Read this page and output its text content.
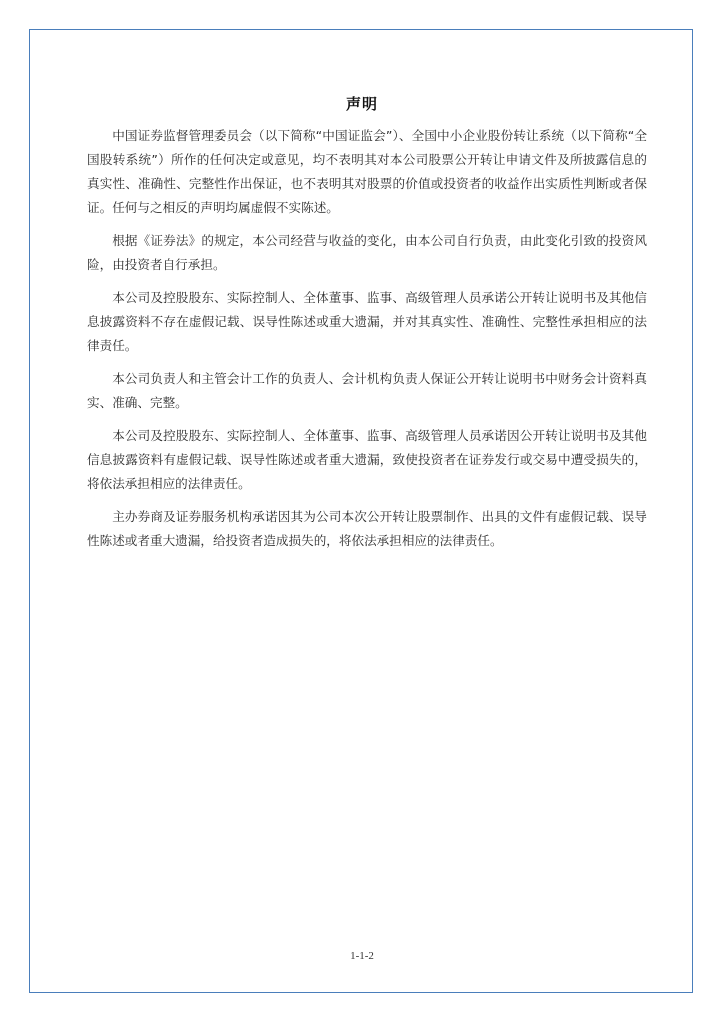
声明

中国证券监督管理委员会（以下简称“中国证监会”）、全国中小企业股份转让系统（以下简称“全国股转系统”）所作的任何决定或意见，均不表明其对本公司股票公开转让申请文件及所披露信息的真实性、准确性、完整性作出保证，也不表明其对股票的价值或投资者的收益作出实质性判断或者保证。任何与之相反的声明均属虚假不实陈述。

根据《证券法》的规定，本公司经营与收益的变化，由本公司自行负责，由此变化引致的投资风险，由投资者自行承担。

本公司及控股股东、实际控制人、全体董事、监事、高级管理人员承诺公开转让说明书及其他信息披露资料不存在虚假记载、误导性陈述或重大遗漏，并对其真实性、准确性、完整性承担相应的法律责任。

本公司负责人和主管会计工作的负责人、会计机构负责人保证公开转让说明书中财务会计资料真实、准确、完整。

本公司及控股股东、实际控制人、全体董事、监事、高级管理人员承诺因公开转让说明书及其他信息披露资料有虚假记载、误导性陈述或者重大遗漏，致使投资者在证券发行或交易中遭受损失的，将依法承担相应的法律责任。

主办券商及证券服务机构承诺因其为公司本次公开转让股票制作、出具的文件有虚假记载、误导性陈述或者重大遗漏，给投资者造成损失的，将依法承担相应的法律责任。

1-1-2
